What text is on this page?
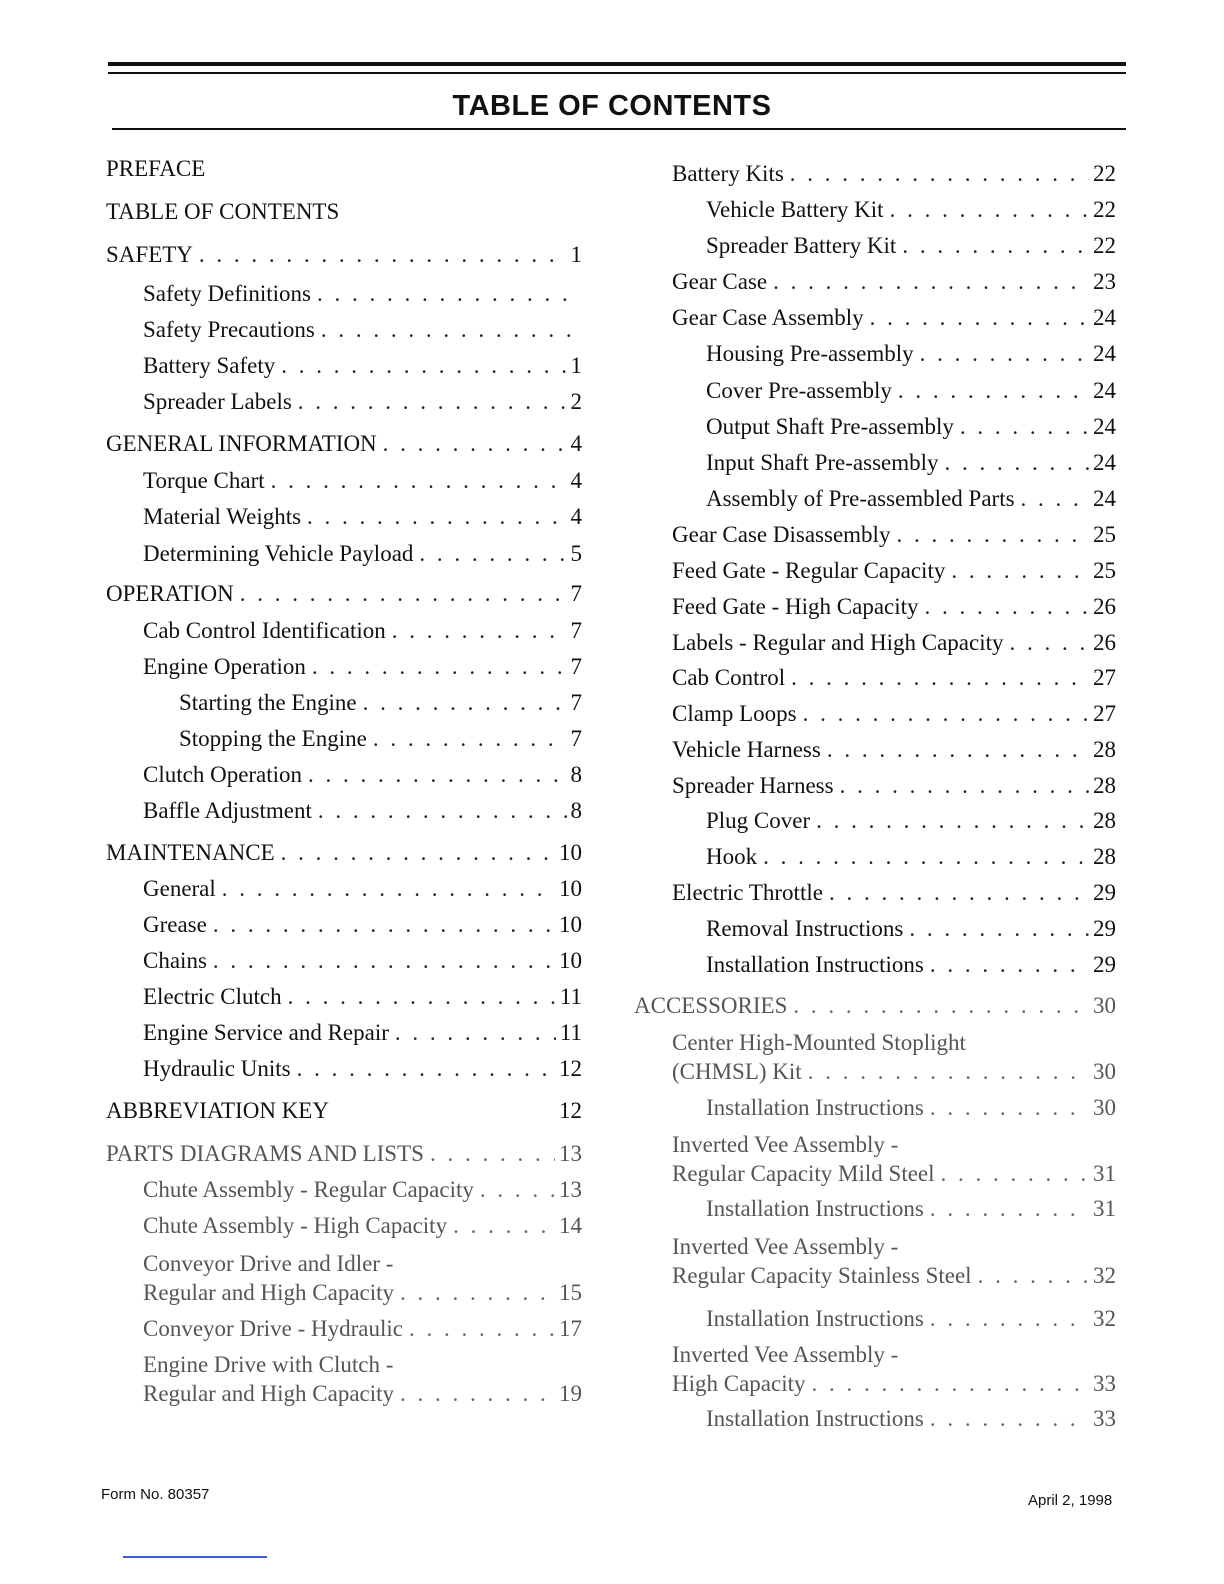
TABLE OF CONTENTS
PREFACE
TABLE OF CONTENTS
SAFETY . . .	1
Safety Definitions
. . .
Safety Precautions
. . .
Battery Safety . . .	1
Spreader Labels . . .	2
GENERAL INFORMATION . . .	4
Torque Chart . . .	4
Material Weights . . .	4
Determining Vehicle Payload . . .	5
OPERATION . . .	7
Cab Control Identification . . .	7
Engine Operation . . .	7
Starting the Engine . . .	7
Stopping the Engine . . .	7
Clutch Operation . . .	8
Baffle Adjustment . . .	8
MAINTENANCE . . .	10
General . . .	10
Grease . . .	10
Chains . . .	10
Electric Clutch . . .	11
Engine Service and Repair . . .	11
Hydraulic Units . . .	12
ABBREVIATION KEY	12
PARTS DIAGRAMS AND LISTS . . .	13
Chute Assembly - Regular Capacity . . .	13
Chute Assembly - High Capacity . . .	14
Conveyor Drive and Idler -
Regular and High Capacity . . .	15
Conveyor Drive - Hydraulic . . .	17
Engine Drive with Clutch -
Regular and High Capacity . . .	19
Battery Kits . . .	22
Vehicle Battery Kit . . .	22
Spreader Battery Kit . . .	22
Gear Case . . .	23
Gear Case Assembly . . .	24
Housing Pre-assembly . . .	24
Cover Pre-assembly . . .	24
Output Shaft Pre-assembly . . .	24
Input Shaft Pre-assembly . . .	24
Assembly of Pre-assembled Parts . . .	24
Gear Case Disassembly . . .	25
Feed Gate - Regular Capacity . . .	25
Feed Gate - High Capacity . . .	26
Labels - Regular and High Capacity . . .	26
Cab Control . . .	27
Clamp Loops . . .	27
Vehicle Harness . . .	28
Spreader Harness . . .	28
Plug Cover . . .	28
Hook . . .	28
Electric Throttle . . .	29
Removal Instructions . . .	29
Installation Instructions . . .	29
ACCESSORIES . . .	30
Center High-Mounted Stoplight
(CHMSL) Kit . . .	30
Installation Instructions . . .	30
Inverted Vee Assembly -
Regular Capacity Mild Steel . . .	31
Installation Instructions . . .	31
Inverted Vee Assembly -
Regular Capacity Stainless Steel . . .	32
Installation Instructions . . .	32
Inverted Vee Assembly -
High Capacity . . .	33
Installation Instructions . . .	33
Form No. 80357	April 2, 1998
